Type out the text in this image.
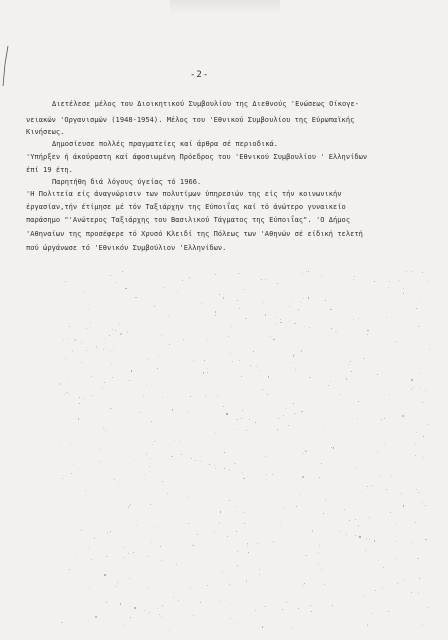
-2-
Διετέλεσε μέλος του Διοικητικού Συμβουλίου της Διεθνούς 'Ενώσεως Οίκογε-
νειακών 'Οργανισμών (1948-1954). Μέλος του 'Εθνικού Συμβουλίου της Εύρωπαϊκής
Κινήσεως.
Δημοσίευσε πολλές πραγματείες καί άρθρα σέ περιοδικά.
'Υπήρξεν ή άκούραστη καί άφοσιωμένη Πρόεδρος του 'Εθνικού Συμβουλίου ' Ελληνίδων
έπί 19 έτη.
Παρητήθη διά λόγους ύγείας τό 1966.
'Η Πολιτεία είς άναγνώρισιν των πολυτίμων ύπηρεσιών της είς τήν κοινωνικήν
έργασίαν,τήν έτίμησε μέ τόν Ταξιάρχην της Εύποιΐας καί τό άνώτερο γυναικείο
παράσημο "'Ανώτερος Ταξιάρχης του Βασιλικού Τάγματος της Εύποιΐας". 'Ο Δήμος
'Αθηναίων της προσέφερε τό Χρυσό Κλειδί της Πόλεως των 'Αθηνών σέ είδική τελετή
πού ώργάνωσε τό 'Εθνικόν Συμβούλιον 'Ελληνίδων.
